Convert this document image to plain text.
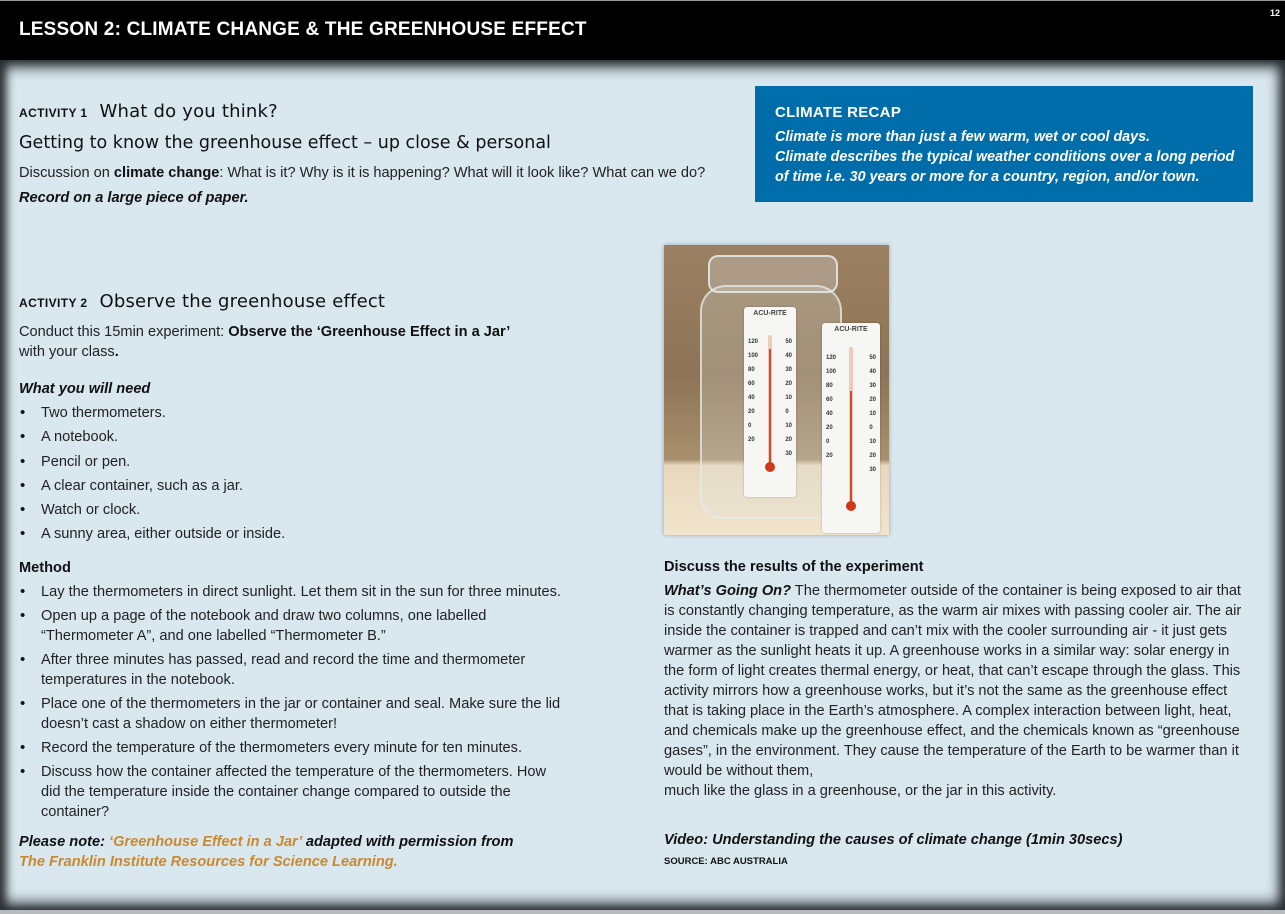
LESSON 2: CLIMATE CHANGE & THE GREENHOUSE EFFECT
12
ACTIVITY 1 What do you think?
Getting to know the greenhouse effect – up close & personal
Discussion on climate change: What is it? Why is it is happening? What will it look like? What can we do?
Record on a large piece of paper.
CLIMATE RECAP
Climate is more than just a few warm, wet or cool days.
Climate describes the typical weather conditions over a long period of time i.e. 30 years or more for a country, region, and/or town.
ACTIVITY 2 Observe the greenhouse effect
Conduct this 15min experiment: Observe the ‘Greenhouse Effect in a Jar’
with your class.
What you will need
• Two thermometers.
• A notebook.
• Pencil or pen.
• A clear container, such as a jar.
• Watch or clock.
• A sunny area, either outside or inside.
Method
• Lay the thermometers in direct sunlight. Let them sit in the sun for three minutes.
• Open up a page of the notebook and draw two columns, one labelled “Thermometer A”, and one labelled “Thermometer B.”
• After three minutes has passed, read and record the time and thermometer temperatures in the notebook.
• Place one of the thermometers in the jar or container and seal. Make sure the lid doesn’t cast a shadow on either thermometer!
• Record the temperature of the thermometers every minute for ten minutes.
• Discuss how the container affected the temperature of the thermometers. How did the temperature inside the container change compared to outside the container?
Please note: ‘Greenhouse Effect in a Jar’ adapted with permission from
The Franklin Institute Resources for Science Learning.
ACU-RITE
120
100
80
60
40
20
0
20
50
40
30
20
10
0
10
20
30
ACU-RITE
120
100
80
60
40
20
0
20
50
40
30
20
10
0
10
20
30
Discuss the results of the experiment
What’s Going On? The thermometer outside of the container is being exposed to air that is constantly changing temperature, as the warm air mixes with passing cooler air. The air inside the container is trapped and can’t mix with the cooler surrounding air - it just gets warmer as the sunlight heats it up. A greenhouse works in a similar way: solar energy in the form of light creates thermal energy, or heat, that can’t escape through the glass. This activity mirrors how a greenhouse works, but it’s not the same as the greenhouse effect that is taking place in the Earth’s atmosphere. A complex interaction between light, heat, and chemicals make up the greenhouse effect, and the chemicals known as “greenhouse gases”, in the environment. They cause the temperature of the Earth to be warmer than it would be without them,
much like the glass in a greenhouse, or the jar in this activity.
Video: Understanding the causes of climate change (1min 30secs)
SOURCE: ABC AUSTRALIA
